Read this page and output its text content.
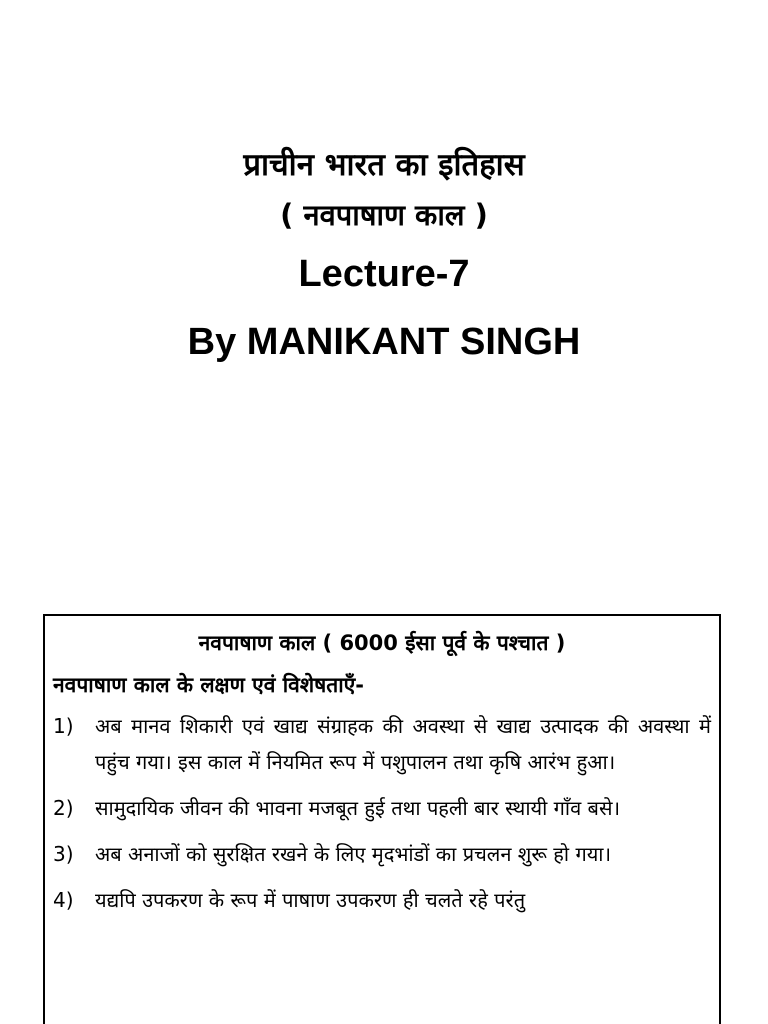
प्राचीन भारत का इतिहास
( नवपाषाण काल )
Lecture-7
By MANIKANT SINGH
नवपाषाण काल ( 6000 ईसा पूर्व के पश्चात )
नवपाषाण काल के लक्षण एवं विशेषताएँ-
1)	अब मानव शिकारी एवं खाद्य संग्राहक की अवस्था से खाद्य उत्पादक की अवस्था में पहुंच गया। इस काल में नियमित रूप में पशुपालन तथा कृषि आरंभ हुआ।
2)	सामुदायिक जीवन की भावना मजबूत हुई तथा पहली बार स्थायी गाँव बसे।
3)	अब अनाजों को सुरक्षित रखने के लिए मृदभांडों का प्रचलन शुरू हो गया।
4)	यद्यपि उपकरण के रूप में पाषाण उपकरण ही चलते रहे परंतु
